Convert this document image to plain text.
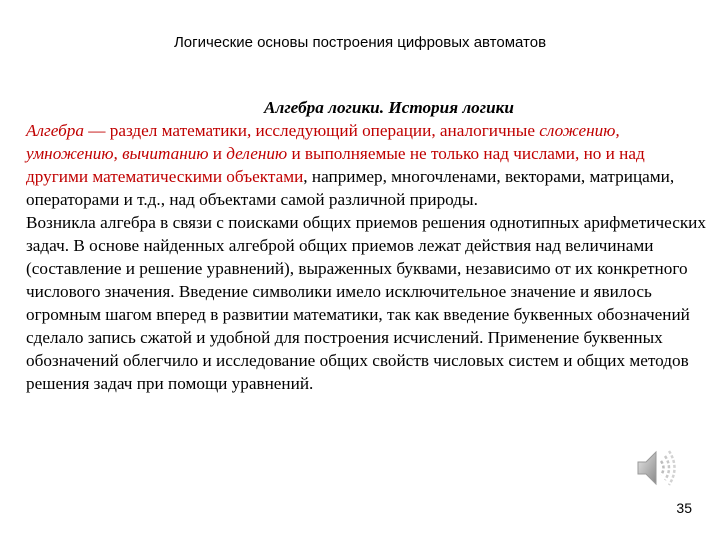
Логические основы построения цифровых автоматов
Алгебра логики. История логики

Алгебра — раздел математики, исследующий операции, аналогичные сложению, умножению, вычитанию и делению и выполняемые не только над числами, но и над другими математическими объектами, например, многочленами, векторами, матрицами, операторами и т.д., над объектами самой различной природы.

Возникла алгебра в связи с поисками общих приемов решения однотипных арифметических задач. В основе найденных алгеброй общих приемов лежат действия над величинами (составление и решение уравнений), выраженных буквами, независимо от их конкретного числового значения. Введение символики имело исключительное значение и явилось огромным шагом вперед в развитии математики, так как введение буквенных обозначений сделало запись сжатой и удобной для построения исчислений. Применение буквенных обозначений облегчило и исследование общих свойств числовых систем и общих методов решения задач при помощи уравнений.

35
